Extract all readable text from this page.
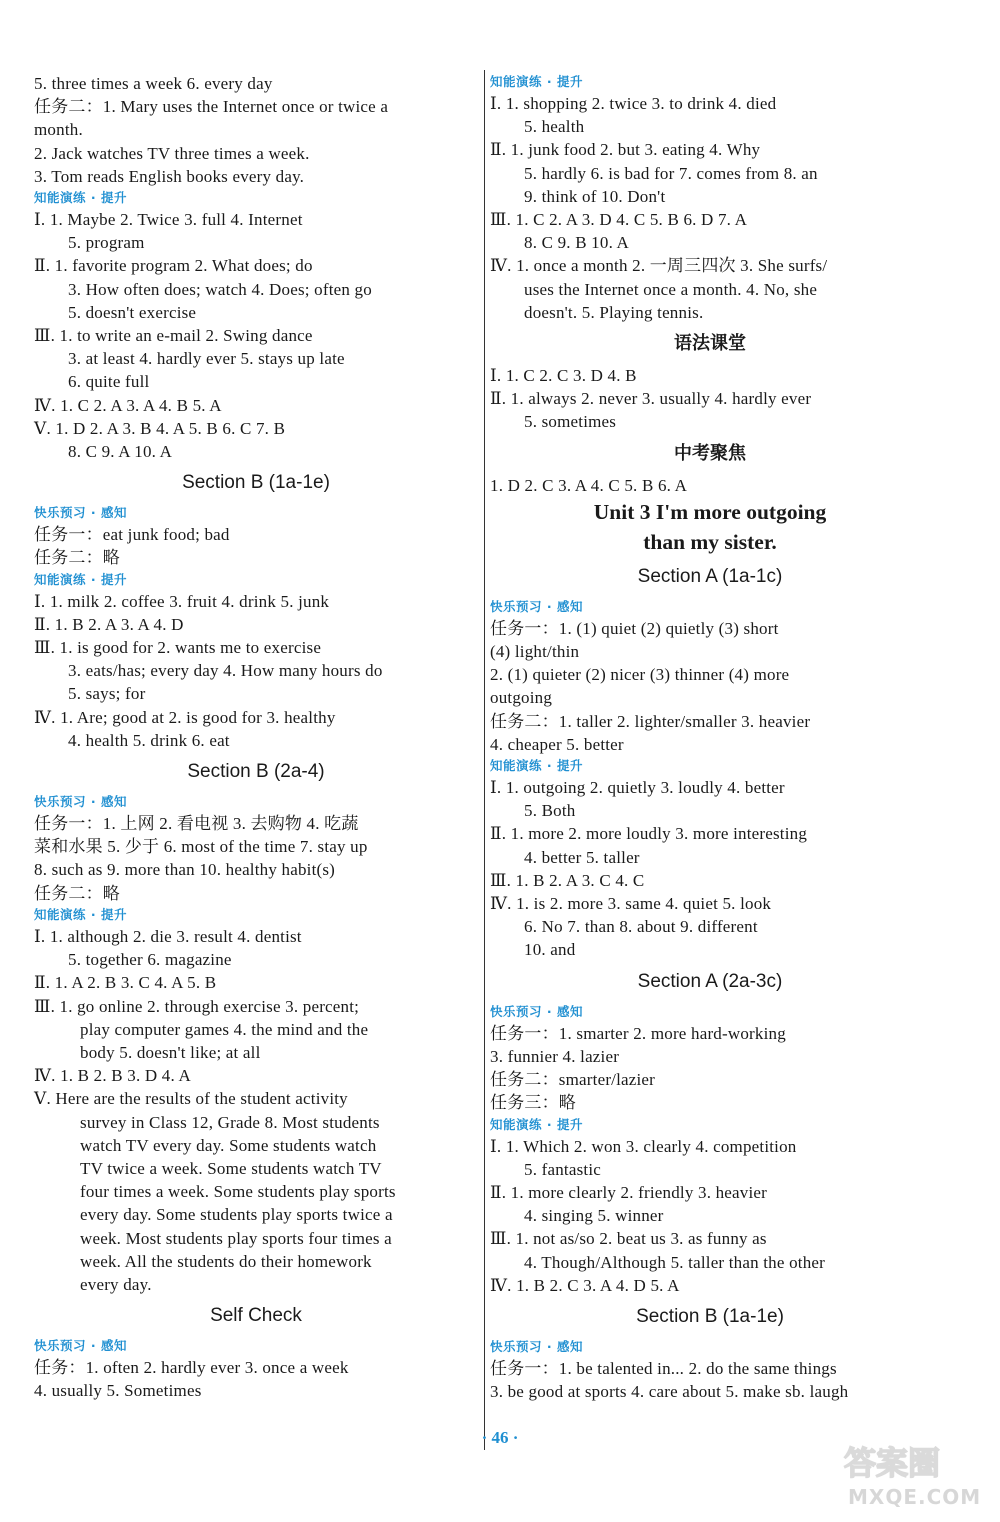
5. three times a week 6. every day
任务二：1. Mary uses the Internet once or twice a
month.
2. Jack watches TV three times a week.
3. Tom reads English books every day.
知能演练 · 提升
Ⅰ. 1. Maybe 2. Twice 3. full 4. Internet
5. program
Ⅱ. 1. favorite program 2. What does; do
3. How often does; watch 4. Does; often go
5. doesn't exercise
Ⅲ. 1. to write an e-mail 2. Swing dance
3. at least 4. hardly ever 5. stays up late
6. quite full
Ⅳ. 1. C 2. A 3. A 4. B 5. A
Ⅴ. 1. D 2. A 3. B 4. A 5. B 6. C 7. B
8. C 9. A 10. A
Section B (1a-1e)
快乐预习 · 感知
任务一：eat junk food; bad
任务二：略
知能演练 · 提升
Ⅰ. 1. milk 2. coffee 3. fruit 4. drink 5. junk
Ⅱ. 1. B 2. A 3. A 4. D
Ⅲ. 1. is good for 2. wants me to exercise
3. eats/has; every day 4. How many hours do
5. says; for
Ⅳ. 1. Are; good at 2. is good for 3. healthy
4. health 5. drink 6. eat
Section B (2a-4)
快乐预习 · 感知
任务一：1. 上网 2. 看电视 3. 去购物 4. 吃蔬
菜和水果 5. 少于 6. most of the time 7. stay up
8. such as 9. more than 10. healthy habit(s)
任务二：略
知能演练 · 提升
Ⅰ. 1. although 2. die 3. result 4. dentist
5. together 6. magazine
Ⅱ. 1. A 2. B 3. C 4. A 5. B
Ⅲ. 1. go online 2. through exercise 3. percent;
play computer games 4. the mind and the
body 5. doesn't like; at all
Ⅳ. 1. B 2. B 3. D 4. A
Ⅴ. Here are the results of the student activity
survey in Class 12, Grade 8. Most students
watch TV every day. Some students watch
TV twice a week. Some students watch TV
four times a week. Some students play sports
every day. Some students play sports twice a
week. Most students play sports four times a
week. All the students do their homework
every day.
Self Check
快乐预习 · 感知
任务：1. often 2. hardly ever 3. once a week
4. usually 5. Sometimes
知能演练 · 提升
Ⅰ. 1. shopping 2. twice 3. to drink 4. died
5. health
Ⅱ. 1. junk food 2. but 3. eating 4. Why
5. hardly 6. is bad for 7. comes from 8. an
9. think of 10. Don't
Ⅲ. 1. C 2. A 3. D 4. C 5. B 6. D 7. A
8. C 9. B 10. A
Ⅳ. 1. once a month 2. 一周三四次 3. She surfs/
uses the Internet once a month. 4. No, she
doesn't. 5. Playing tennis.
语法课堂
Ⅰ. 1. C 2. C 3. D 4. B
Ⅱ. 1. always 2. never 3. usually 4. hardly ever
5. sometimes
中考聚焦
1. D 2. C 3. A 4. C 5. B 6. A
Unit 3 I'm more outgoing
than my sister.
Section A (1a-1c)
快乐预习 · 感知
任务一：1. (1) quiet (2) quietly (3) short
(4) light/thin
2. (1) quieter (2) nicer (3) thinner (4) more
outgoing
任务二：1. taller 2. lighter/smaller 3. heavier
4. cheaper 5. better
知能演练 · 提升
Ⅰ. 1. outgoing 2. quietly 3. loudly 4. better
5. Both
Ⅱ. 1. more 2. more loudly 3. more interesting
4. better 5. taller
Ⅲ. 1. B 2. A 3. C 4. C
Ⅳ. 1. is 2. more 3. same 4. quiet 5. look
6. No 7. than 8. about 9. different
10. and
Section A (2a-3c)
快乐预习 · 感知
任务一：1. smarter 2. more hard-working
3. funnier 4. lazier
任务二：smarter/lazier
任务三：略
知能演练 · 提升
Ⅰ. 1. Which 2. won 3. clearly 4. competition
5. fantastic
Ⅱ. 1. more clearly 2. friendly 3. heavier
4. singing 5. winner
Ⅲ. 1. not as/so 2. beat us 3. as funny as
4. Though/Although 5. taller than the other
Ⅳ. 1. B 2. C 3. A 4. D 5. A
Section B (1a-1e)
快乐预习 · 感知
任务一：1. be talented in... 2. do the same things
3. be good at sports 4. care about 5. make sb. laugh
· 46 ·
答案圈
MXQE.COM
